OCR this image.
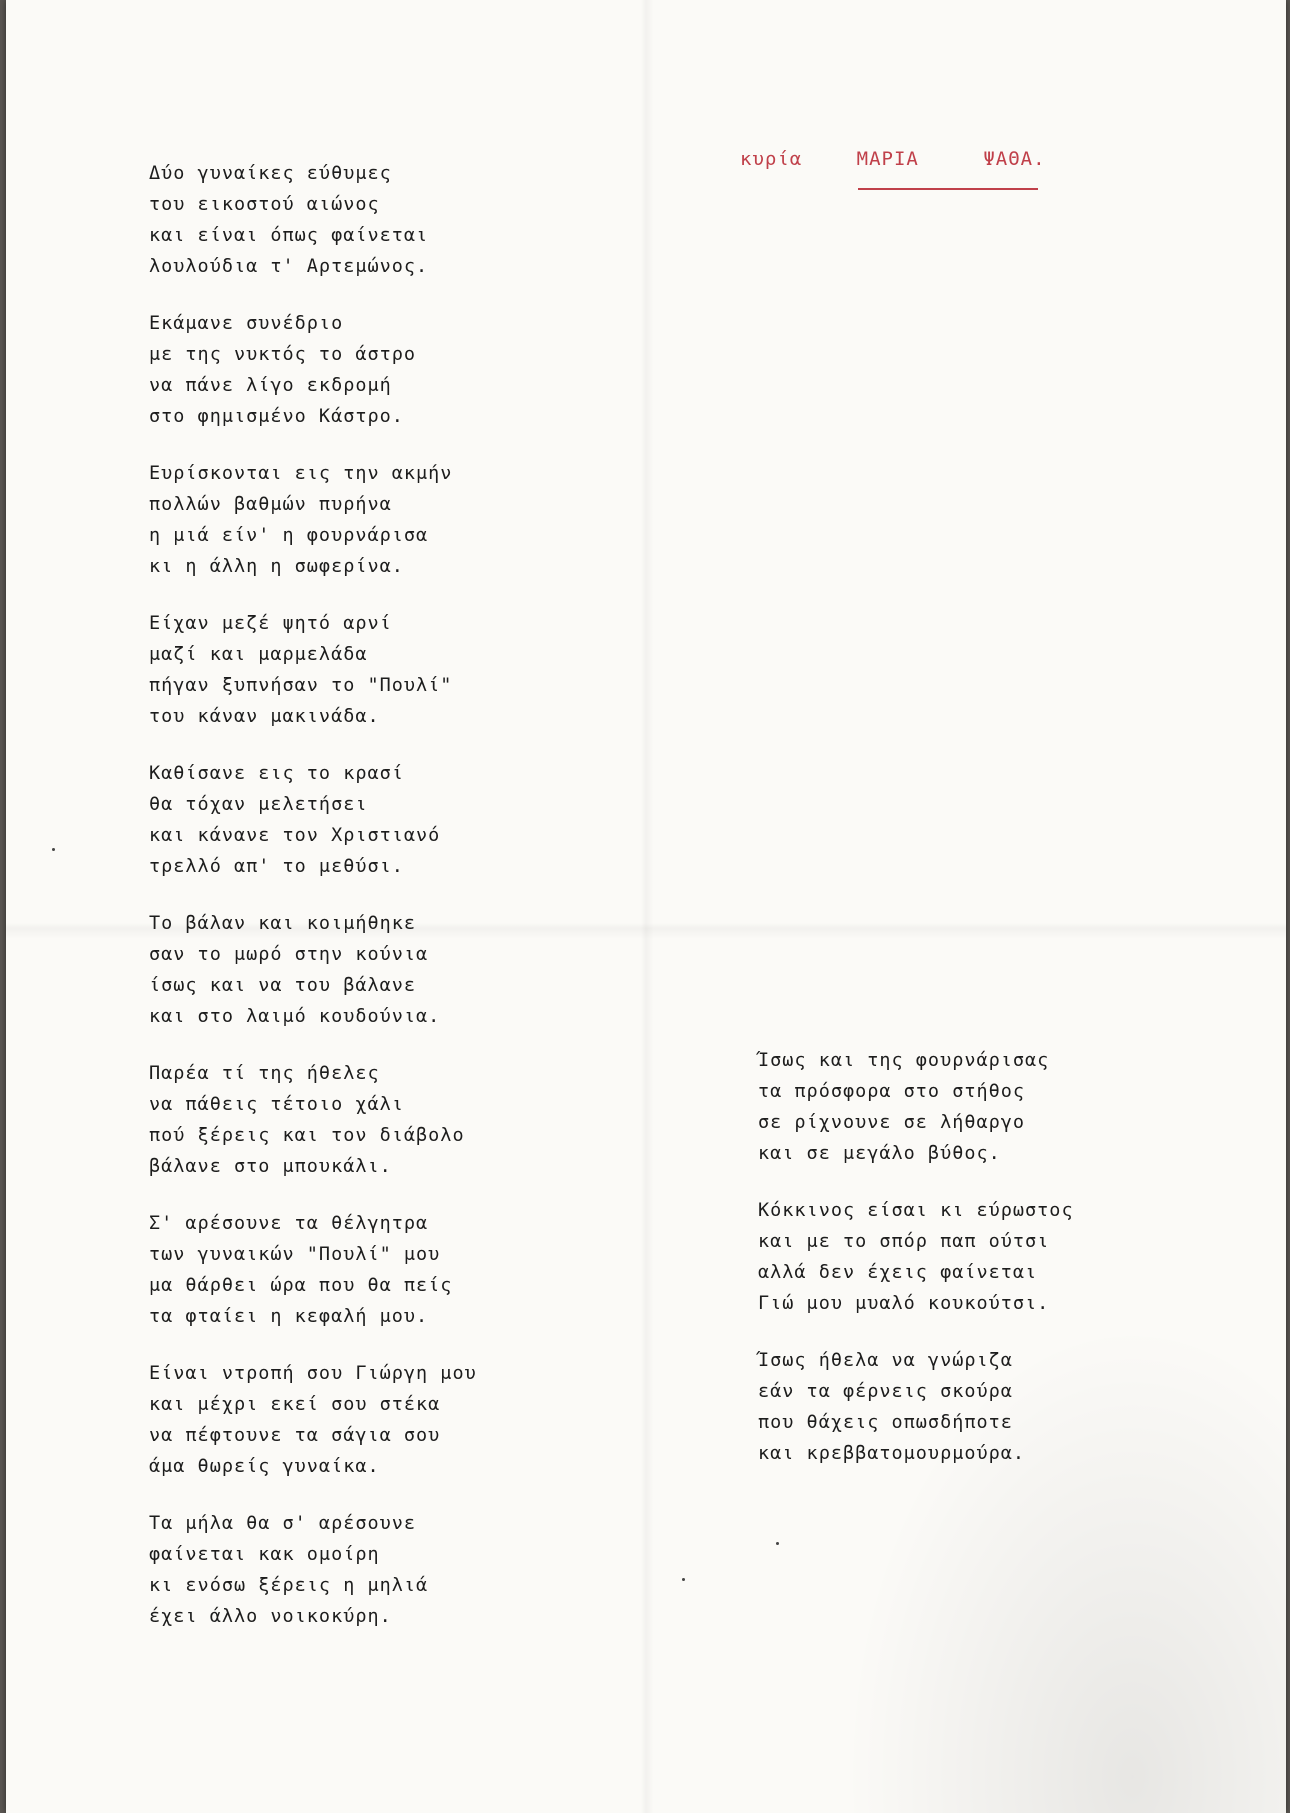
κυρία	ΜΑΡΙΑ	ΨΑΘΑ.
Δύο γυναίκες εύθυμες
του εικοστού αιώνος
και είναι όπως φαίνεται
λουλούδια τ' Αρτεμώνος.
Εκάμανε συνέδριο
με της νυκτός το άστρο
να πάνε λίγο εκδρομή
στο φημισμένο Κάστρο.
Ευρίσκονται εις την ακμήν
πολλών βαθμών πυρήνα
η μιά είν' η φουρνάρισα
κι η άλλη η σωφερίνα.
Είχαν μεζέ ψητό αρνί
μαζί και μαρμελάδα
πήγαν ξυπνήσαν το "Πουλί"
του κάναν μακινάδα.
Καθίσανε εις το κρασί
θα τόχαν μελετήσει
και κάνανε τον Χριστιανό
τρελλό απ' το μεθύσι.
Το βάλαν και κοιμήθηκε
σαν το μωρό στην κούνια
ίσως και να του βάλανε
και στο λαιμό κουδούνια.
Παρέα τί της ήθελες
να πάθεις τέτοιο χάλι
πού ξέρεις και τον διάβολο
βάλανε στο μπουκάλι.
Σ' αρέσουνε τα θέλγητρα
των γυναικών "Πουλί" μου
μα θάρθει ώρα που θα πείς
τα φταίει η κεφαλή μου.
Είναι ντροπή σου Γιώργη μου
και μέχρι εκεί σου στέκα
να πέφτουνε τα σάγια σου
άμα θωρείς γυναίκα.
Τα μήλα θα σ' αρέσουνε
φαίνεται κακ ομοίρη
κι ενόσω ξέρεις η μηλιά
έχει άλλο νοικοκύρη.
Ίσως και της φουρνάρισας
τα πρόσφορα στο στήθος
σε ρίχνουνε σε λήθαργο
και σε μεγάλο βύθος.
Κόκκινος είσαι κι εύρωστος
και με το σπόρ παπ ούτσι
αλλά δεν έχεις φαίνεται
Γιώ μου μυαλό κουκούτσι.
Ίσως ήθελα να γνώριζα
εάν τα φέρνεις σκούρα
που θάχεις οπωσδήποτε
και κρεββατομουρμούρα.
